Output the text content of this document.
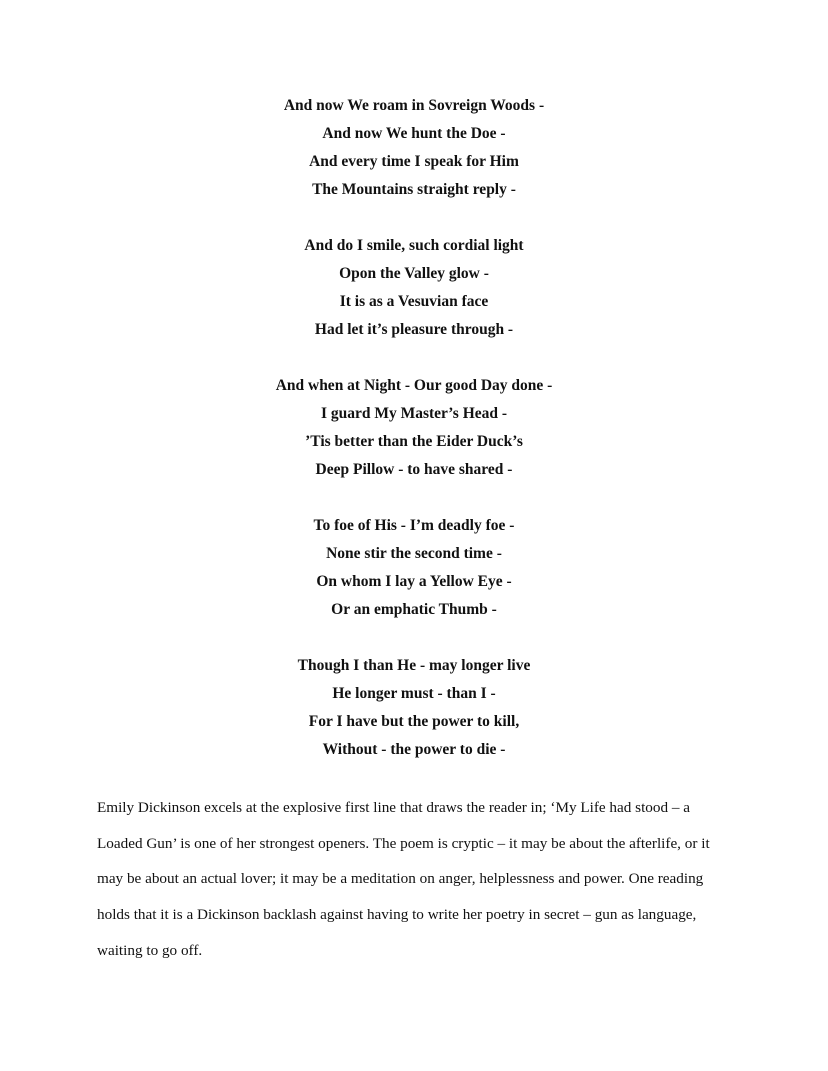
And now We roam in Sovreign Woods -
And now We hunt the Doe -
And every time I speak for Him
The Mountains straight reply -
And do I smile, such cordial light
Opon the Valley glow -
It is as a Vesuvian face
Had let it’s pleasure through -
And when at Night - Our good Day done -
I guard My Master’s Head -
’Tis better than the Eider Duck’s
Deep Pillow - to have shared -
To foe of His - I’m deadly foe -
None stir the second time -
On whom I lay a Yellow Eye -
Or an emphatic Thumb -
Though I than He - may longer live
He longer must - than I -
For I have but the power to kill,
Without - the power to die -
Emily Dickinson excels at the explosive first line that draws the reader in; ‘My Life had stood – a
Loaded Gun’ is one of her strongest openers. The poem is cryptic – it may be about the afterlife, or it
may be about an actual lover; it may be a meditation on anger, helplessness and power. One reading
holds that it is a Dickinson backlash against having to write her poetry in secret – gun as language,
waiting to go off.
